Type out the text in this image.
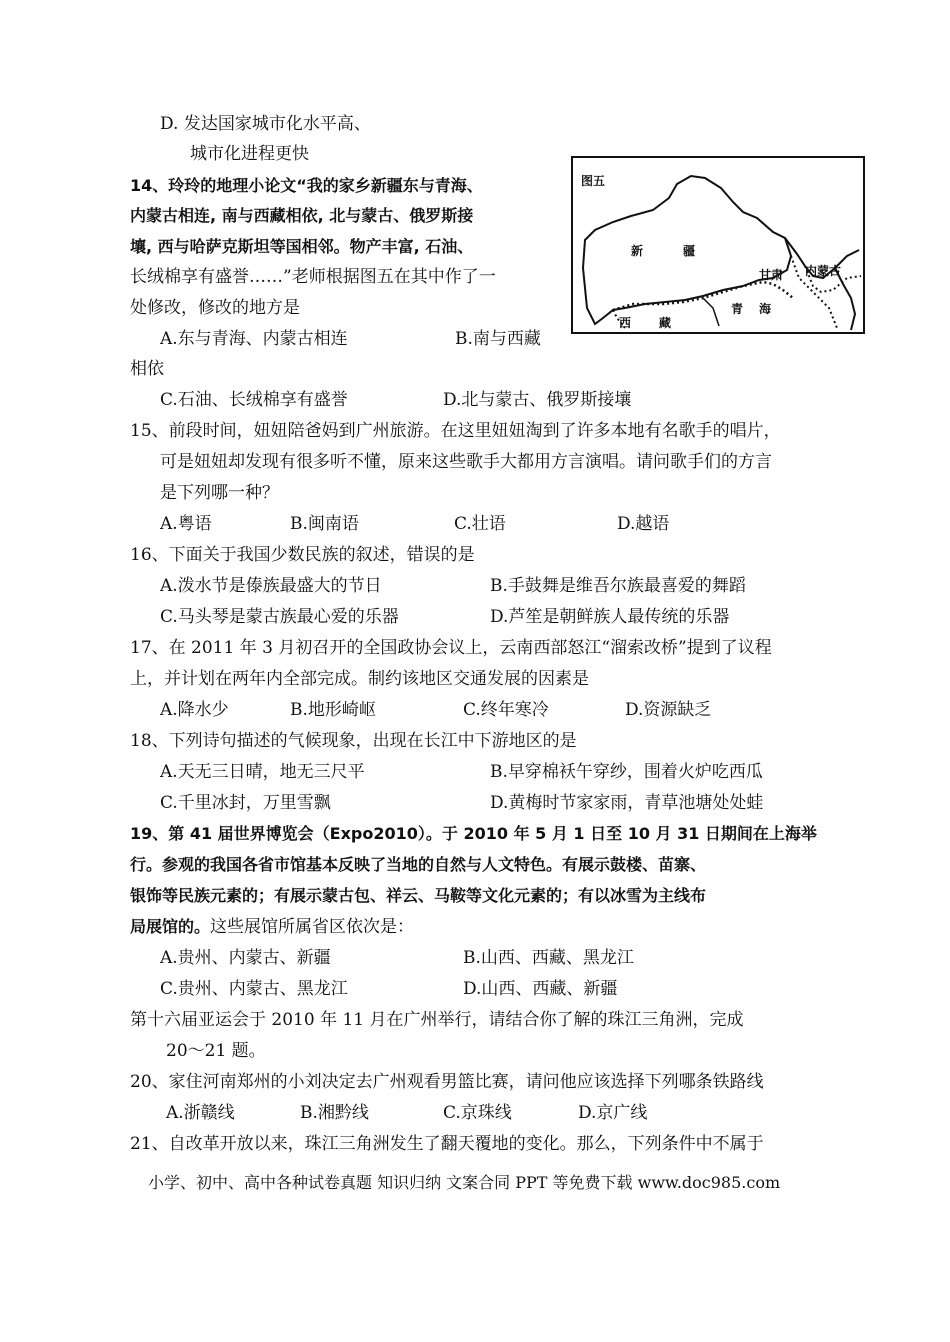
D. 发达国家城市化水平高、
城市化进程更快
图五
新	疆
甘肃 内蒙古
青 海
西 藏
14、玲玲的地理小论文“我的家乡新疆东与青海、
内蒙古相连, 南与西藏相依, 北与蒙古、俄罗斯接
壤, 西与哈萨克斯坦等国相邻。物产丰富, 石油、
长绒棉享有盛誉……”老师根据图五在其中作了一
处修改，修改的地方是
A.东与青海、内蒙古相连	B.南与西藏
相依
C.石油、长绒棉享有盛誉	D.北与蒙古、俄罗斯接壤
15、前段时间，妞妞陪爸妈到广州旅游。在这里妞妞淘到了许多本地有名歌手的唱片，
可是妞妞却发现有很多听不懂，原来这些歌手大都用方言演唱。请问歌手们的方言
是下列哪一种？
A.粤语	B.闽南语	C.壮语	D.越语
16、下面关于我国少数民族的叙述，错误的是
A.泼水节是傣族最盛大的节日	B.手鼓舞是维吾尔族最喜爱的舞蹈
C.马头琴是蒙古族最心爱的乐器	D.芦笙是朝鲜族人最传统的乐器
17、在 2011 年 3 月初召开的全国政协会议上，云南西部怒江“溜索改桥”提到了议程
上，并计划在两年内全部完成。制约该地区交通发展的因素是
A.降水少	B.地形崎岖	C.终年寒冷	D.资源缺乏
18、下列诗句描述的气候现象，出现在长江中下游地区的是
A.天无三日晴，地无三尺平	B.早穿棉袄午穿纱，围着火炉吃西瓜
C.千里冰封，万里雪飘	D.黄梅时节家家雨，青草池塘处处蛙
19、第 41 届世界博览会（Expo2010）。于 2010 年 5 月 1 日至 10 月 31 日期间在上海举
行。参观的我国各省市馆基本反映了当地的自然与人文特色。有展示鼓楼、苗寨、
银饰等民族元素的；有展示蒙古包、祥云、马鞍等文化元素的；有以冰雪为主线布
局展馆的。这些展馆所属省区依次是：
A.贵州、内蒙古、新疆	B.山西、西藏、黑龙江
C.贵州、内蒙古、黑龙江	D.山西、西藏、新疆
第十六届亚运会于 2010 年 11 月在广州举行，请结合你了解的珠江三角洲，完成
20～21 题。
20、家住河南郑州的小刘决定去广州观看男篮比赛，请问他应该选择下列哪条铁路线
A.浙赣线	B.湘黔线	C.京珠线	D.京广线
21、自改革开放以来，珠江三角洲发生了翻天覆地的变化。那么，下列条件中不属于
小学、初中、高中各种试卷真题 知识归纳 文案合同 PPT 等免费下载 www.doc985.com
